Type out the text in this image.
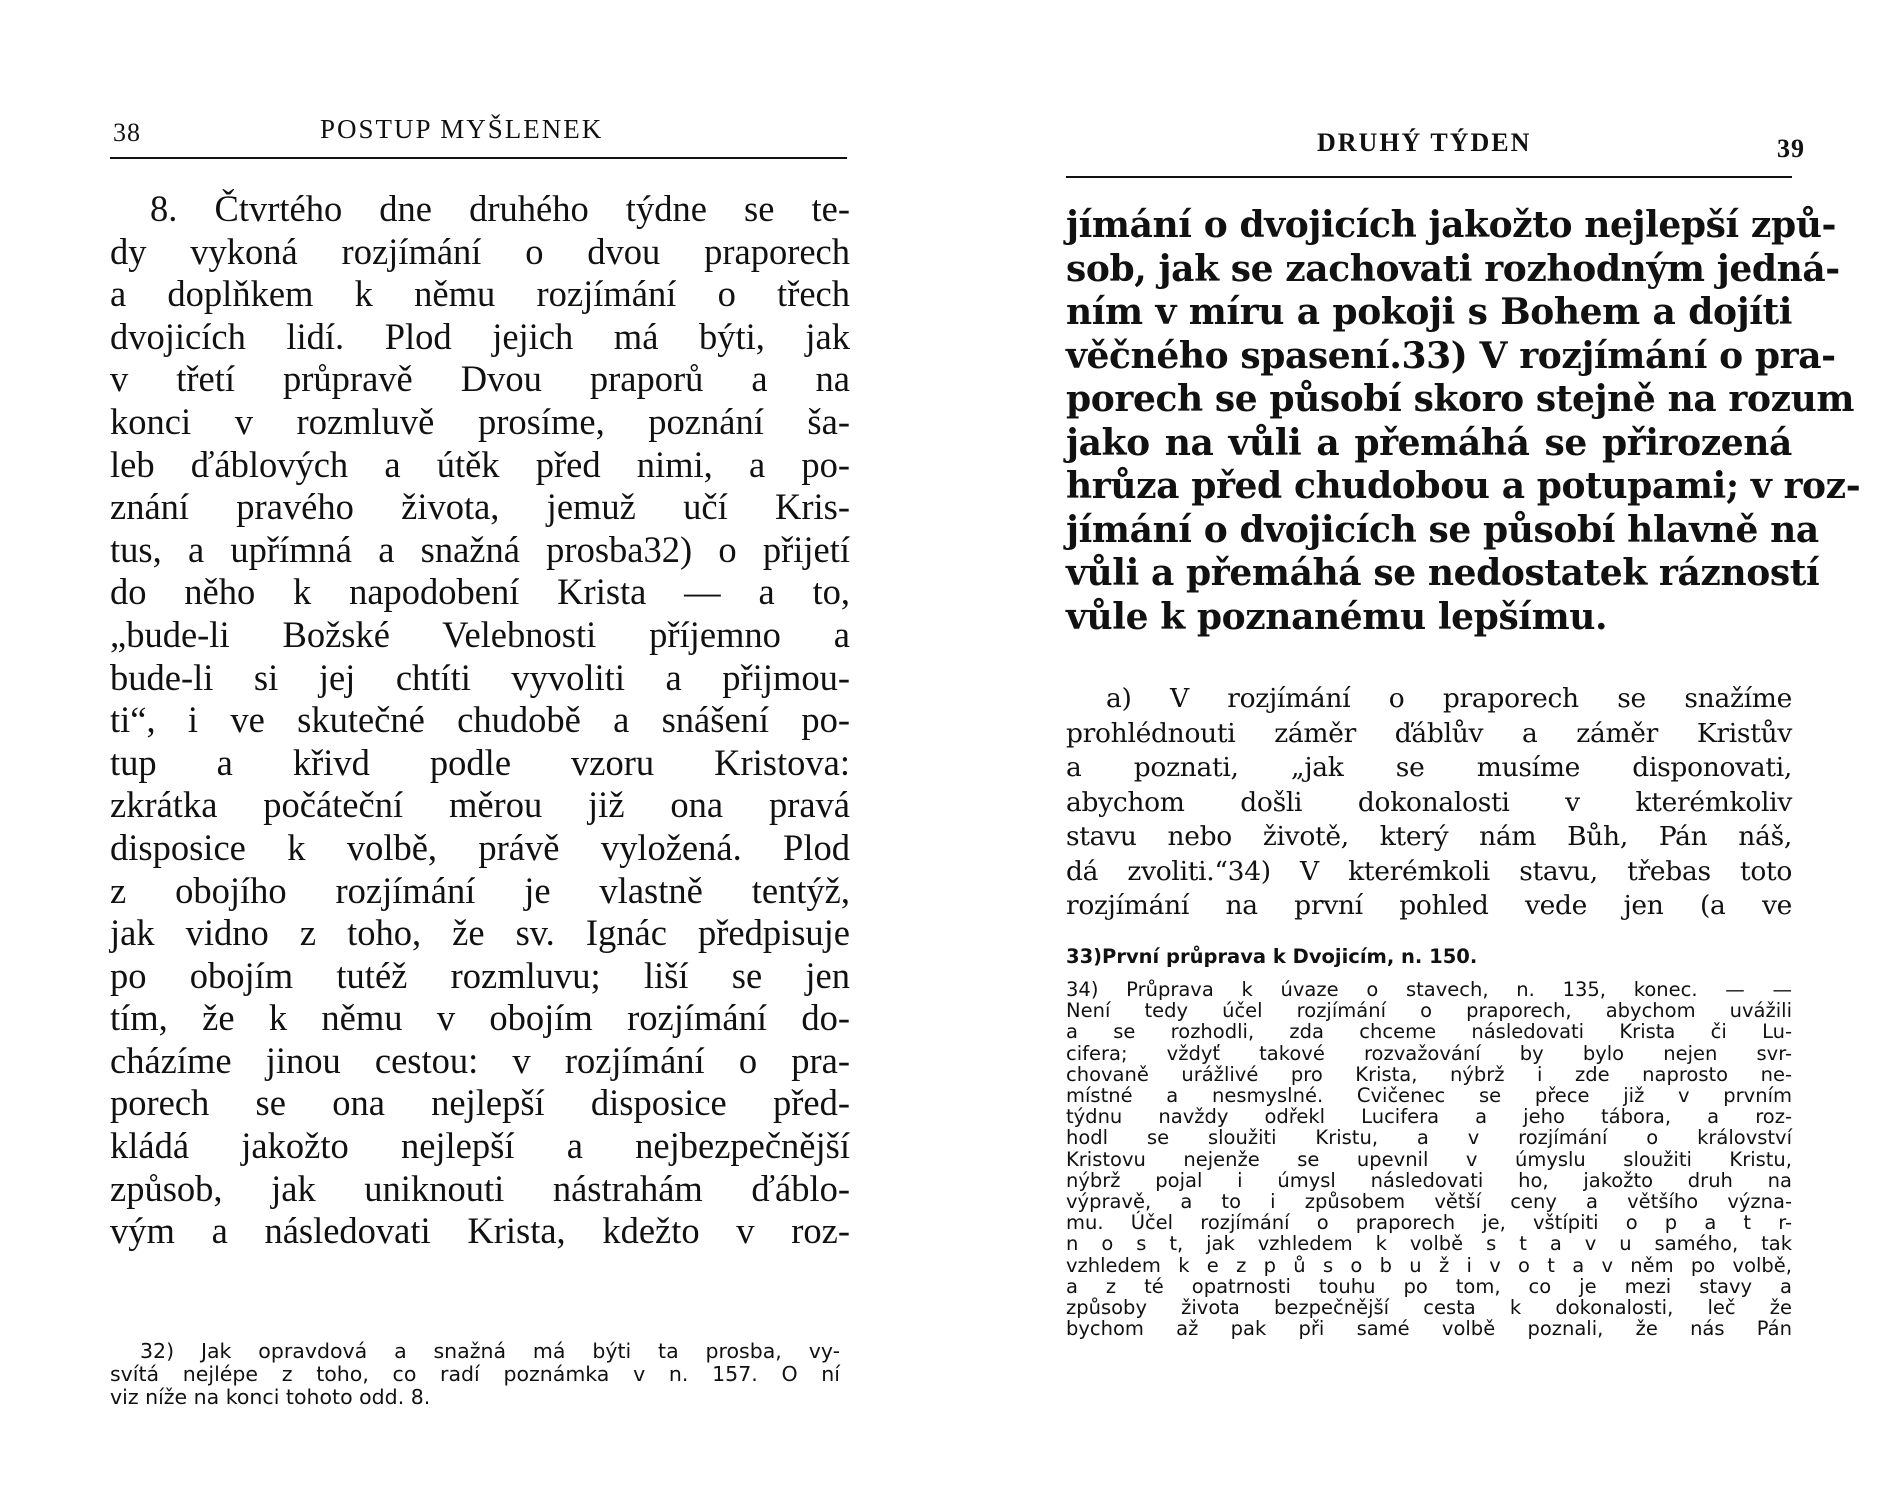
38	POSTUP MYŠLENEK
8. Čtvrtého dne druhého týdne se te-
dy vykoná rozjímání o dvou praporech
a doplňkem k němu rozjímání o třech
dvojicích lidí. Plod jejich má býti, jak
v třetí průpravě Dvou praporů a na
konci v rozmluvě prosíme, poznání ša-
leb ďáblových a útěk před nimi, a po-
znání pravého života, jemuž učí Kris-
tus, a upřímná a snažná prosba32) o přijetí
do něho k napodobení Krista — a to,
„bude-li Božské Velebnosti příjemno a
bude-li si jej chtíti vyvoliti a přijmou-
ti“, i ve skutečné chudobě a snášení po-
tup a křivd podle vzoru Kristova:
zkrátka počáteční měrou již ona pravá
disposice k volbě, právě vyložená. Plod
z obojího rozjímání je vlastně tentýž,
jak vidno z toho, že sv. Ignác předpisuje
po obojím tutéž rozmluvu; liší se jen
tím, že k němu v obojím rozjímání do-
cházíme jinou cestou: v rozjímání o pra-
porech se ona nejlepší disposice před-
kládá jakožto nejlepší a nejbezpečnější
způsob, jak uniknouti nástrahám ďáblo-
vým a následovati Krista, kdežto v roz-
32) Jak opravdová a snažná má býti ta prosba, vy-
svítá nejlépe z toho, co radí poznámka v n. 157. O ní
viz níže na konci tohoto odd. 8.
DRUHÝ TÝDEN	39
jímání o dvojicích jakožto nejlepší způ-
sob, jak se zachovati rozhodným jedná-
ním v míru a pokoji s Bohem a dojíti
věčného spasení.33) V rozjímání o pra-
porech se působí skoro stejně na rozum
jako na vůli a přemáhá se přirozená
hrůza před chudobou a potupami; v roz-
jímání o dvojicích se působí hlavně na
vůli a přemáhá se nedostatek rázností
vůle k poznanému lepšímu.
a) V rozjímání o praporech se snažíme
prohlédnouti záměr ďáblův a záměr Kristův
a poznati, „jak se musíme disponovati,
abychom došli dokonalosti v kterémkoliv
stavu nebo životě, který nám Bůh, Pán náš,
dá zvoliti.“34) V kterémkoli stavu, třebas toto
rozjímání na první pohled vede jen (a ve
33)První průprava k Dvojicím, n. 150.
34) Průprava k úvaze o stavech, n. 135, konec. — —
Není tedy účel rozjímání o praporech, abychom uvážili
a se rozhodli, zda chceme následovati Krista či Lu-
cifera; vždyť takové rozvažování by bylo nejen svr-
chovaně urážlivé pro Krista, nýbrž i zde naprosto ne-
místné a nesmyslné. Cvičenec se přece již v prvním
týdnu navždy odřekl Lucifera a jeho tábora, a roz-
hodl se sloužiti Kristu, a v rozjímání o království
Kristovu nejenže se upevnil v úmyslu sloužiti Kristu,
nýbrž pojal i úmysl následovati ho, jakožto druh na
výpravě, a to i způsobem větší ceny a většího význa-
mu. Účel rozjímání o praporech je, vštípiti o p a t r-
n o s t, jak vzhledem k volbě s t a v u samého, tak
vzhledem k e z p ů s o b u ž i v o t a v něm po volbě,
a z té opatrnosti touhu po tom, co je mezi stavy a
způsoby života bezpečnější cesta k dokonalosti, leč že
bychom až pak při samé volbě poznali, že nás Pán
